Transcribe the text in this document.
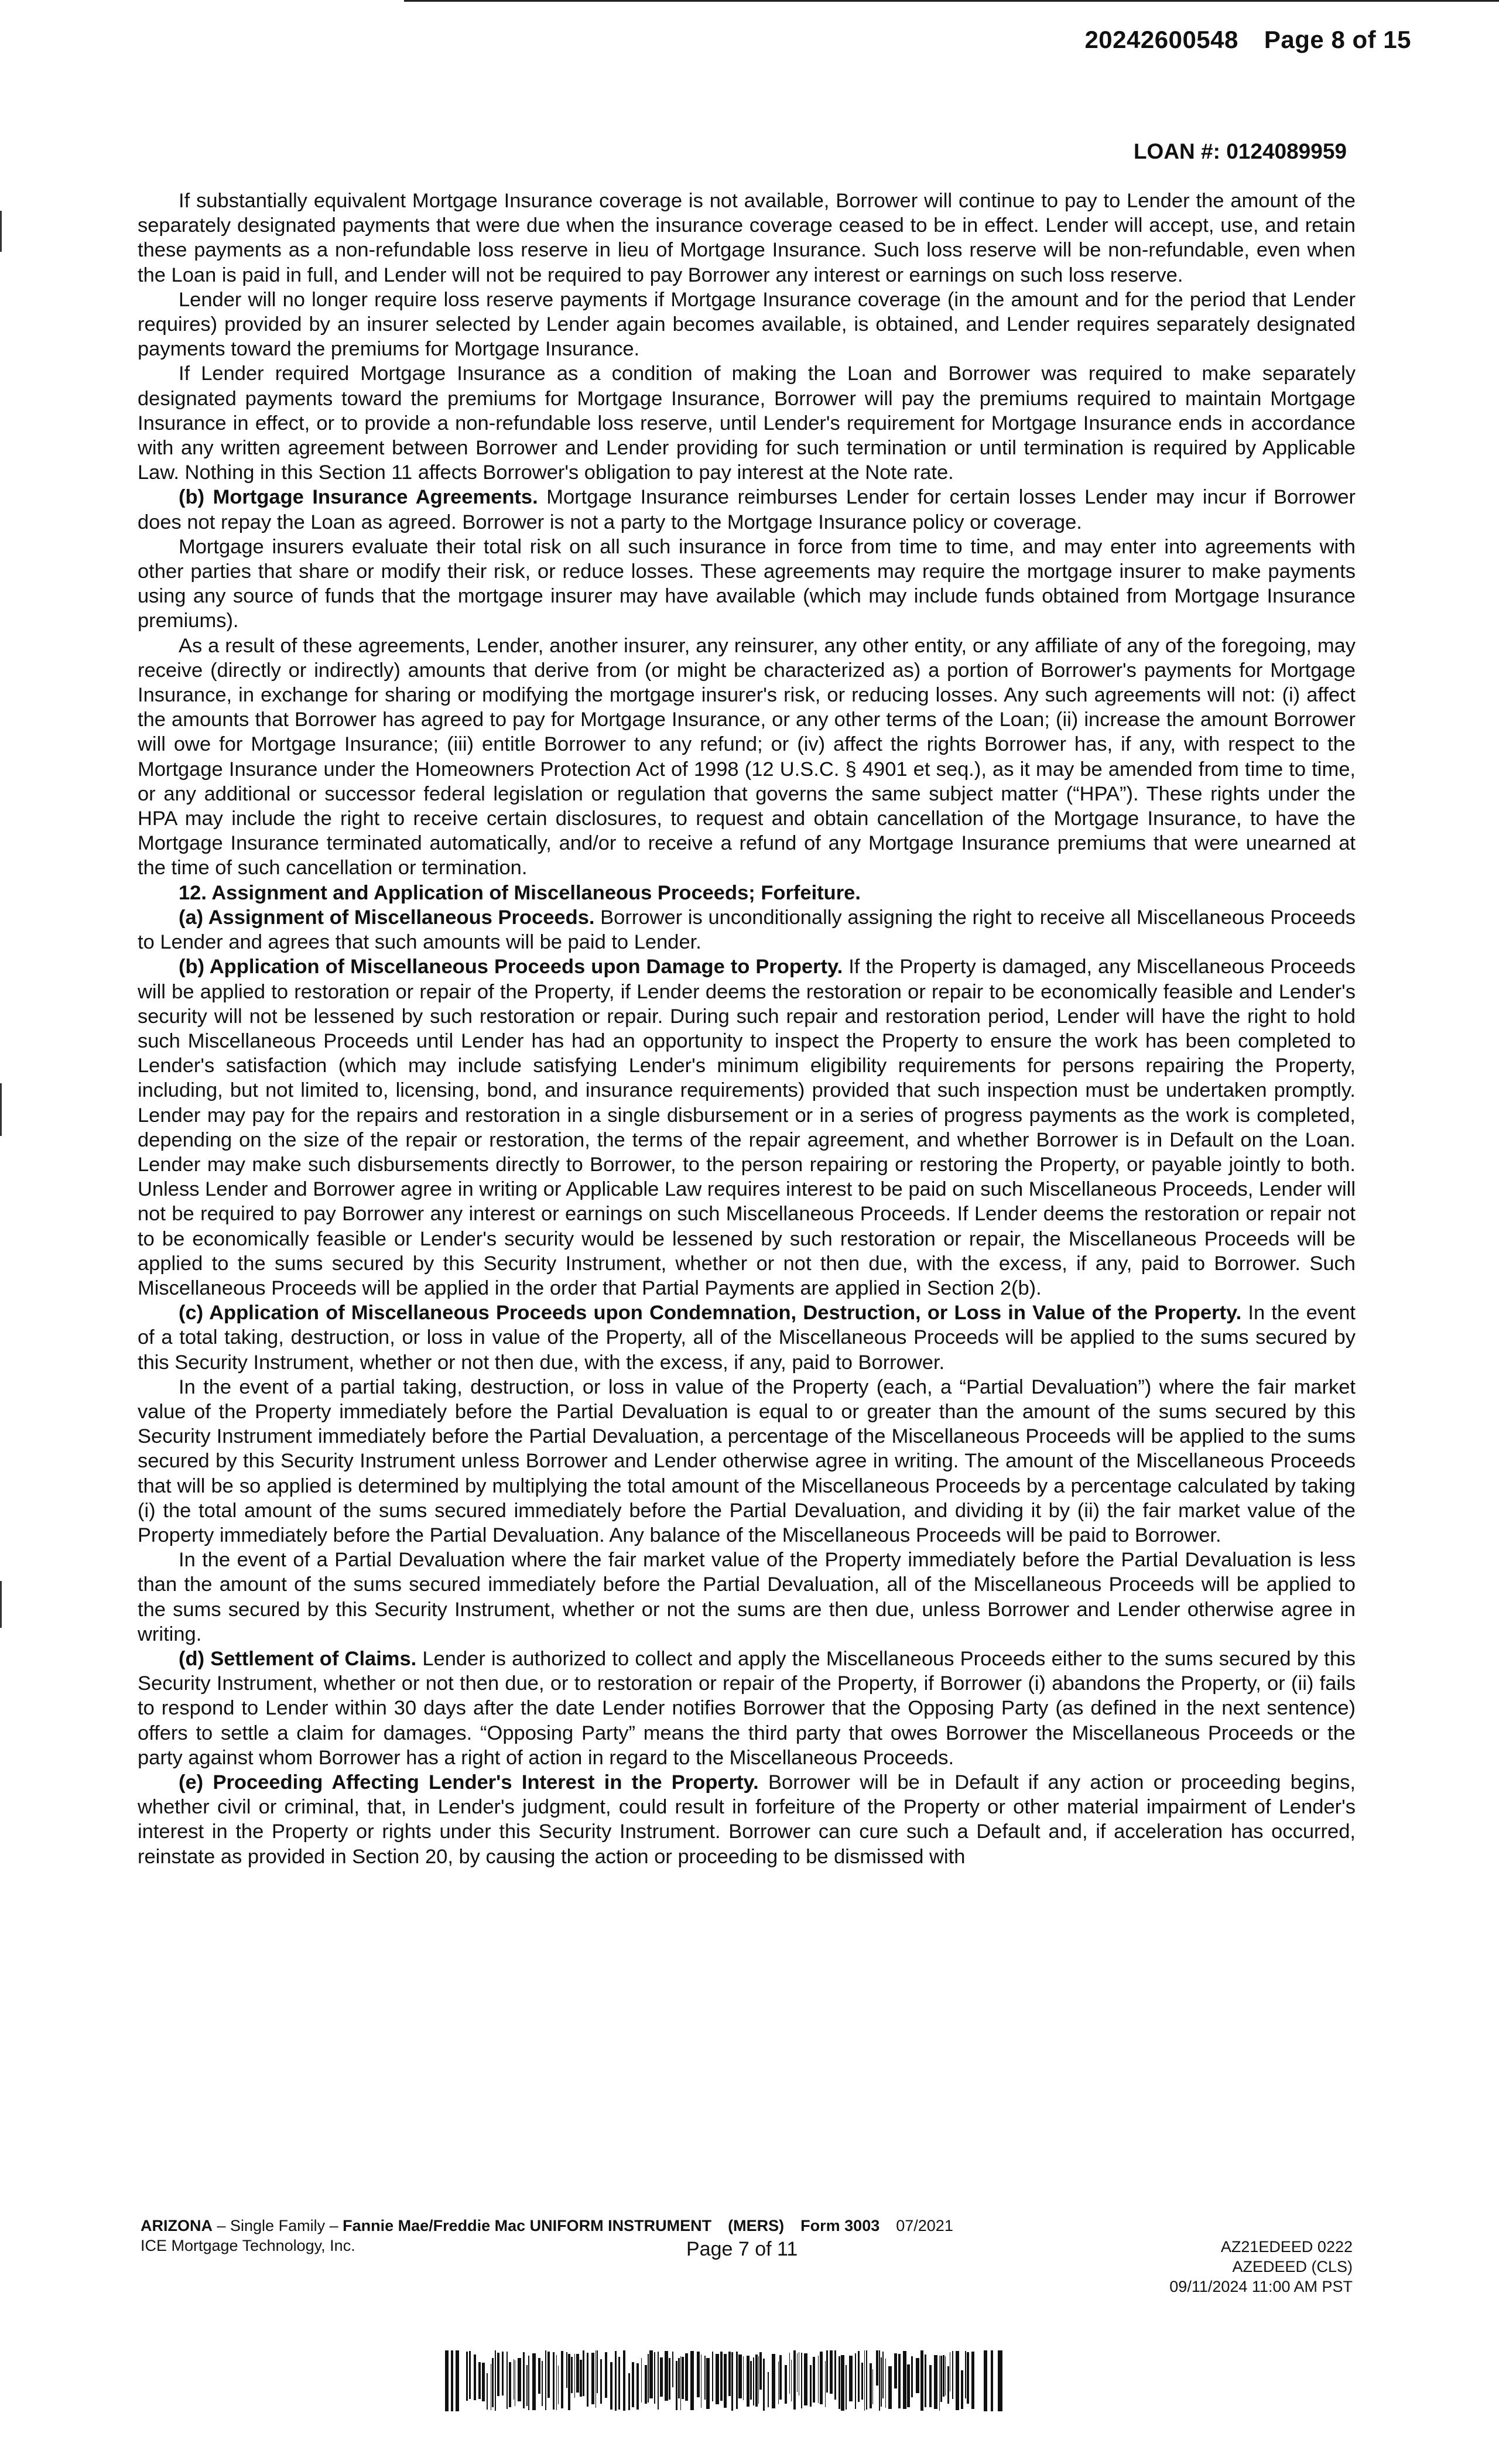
20242600548 Page 8 of 15
LOAN #: 0124089959

If substantially equivalent Mortgage Insurance coverage is not available, Borrower will continue to pay to Lender the amount of the separately designated payments that were due when the insurance coverage ceased to be in effect. Lender will accept, use, and retain these payments as a non-refundable loss reserve in lieu of Mortgage Insurance. Such loss reserve will be non-refundable, even when the Loan is paid in full, and Lender will not be required to pay Borrower any interest or earnings on such loss reserve.

Lender will no longer require loss reserve payments if Mortgage Insurance coverage (in the amount and for the period that Lender requires) provided by an insurer selected by Lender again becomes available, is obtained, and Lender requires separately designated payments toward the premiums for Mortgage Insurance.

If Lender required Mortgage Insurance as a condition of making the Loan and Borrower was required to make separately designated payments toward the premiums for Mortgage Insurance, Borrower will pay the premiums required to maintain Mortgage Insurance in effect, or to provide a non-refundable loss reserve, until Lender's requirement for Mortgage Insurance ends in accordance with any written agreement between Borrower and Lender providing for such termination or until termination is required by Applicable Law. Nothing in this Section 11 affects Borrower's obligation to pay interest at the Note rate.

(b) Mortgage Insurance Agreements. Mortgage Insurance reimburses Lender for certain losses Lender may incur if Borrower does not repay the Loan as agreed. Borrower is not a party to the Mortgage Insurance policy or coverage.

Mortgage insurers evaluate their total risk on all such insurance in force from time to time, and may enter into agreements with other parties that share or modify their risk, or reduce losses. These agreements may require the mortgage insurer to make payments using any source of funds that the mortgage insurer may have available (which may include funds obtained from Mortgage Insurance premiums).

As a result of these agreements, Lender, another insurer, any reinsurer, any other entity, or any affiliate of any of the foregoing, may receive (directly or indirectly) amounts that derive from (or might be characterized as) a portion of Borrower's payments for Mortgage Insurance, in exchange for sharing or modifying the mortgage insurer's risk, or reducing losses. Any such agreements will not: (i) affect the amounts that Borrower has agreed to pay for Mortgage Insurance, or any other terms of the Loan; (ii) increase the amount Borrower will owe for Mortgage Insurance; (iii) entitle Borrower to any refund; or (iv) affect the rights Borrower has, if any, with respect to the Mortgage Insurance under the Homeowners Protection Act of 1998 (12 U.S.C. § 4901 et seq.), as it may be amended from time to time, or any additional or successor federal legislation or regulation that governs the same subject matter (“HPA”). These rights under the HPA may include the right to receive certain disclosures, to request and obtain cancellation of the Mortgage Insurance, to have the Mortgage Insurance terminated automatically, and/or to receive a refund of any Mortgage Insurance premiums that were unearned at the time of such cancellation or termination.

12. Assignment and Application of Miscellaneous Proceeds; Forfeiture.

(a) Assignment of Miscellaneous Proceeds. Borrower is unconditionally assigning the right to receive all Miscellaneous Proceeds to Lender and agrees that such amounts will be paid to Lender.

(b) Application of Miscellaneous Proceeds upon Damage to Property. If the Property is damaged, any Miscellaneous Proceeds will be applied to restoration or repair of the Property, if Lender deems the restoration or repair to be economically feasible and Lender's security will not be lessened by such restoration or repair. During such repair and restoration period, Lender will have the right to hold such Miscellaneous Proceeds until Lender has had an opportunity to inspect the Property to ensure the work has been completed to Lender's satisfaction (which may include satisfying Lender's minimum eligibility requirements for persons repairing the Property, including, but not limited to, licensing, bond, and insurance requirements) provided that such inspection must be undertaken promptly. Lender may pay for the repairs and restoration in a single disbursement or in a series of progress payments as the work is completed, depending on the size of the repair or restoration, the terms of the repair agreement, and whether Borrower is in Default on the Loan. Lender may make such disbursements directly to Borrower, to the person repairing or restoring the Property, or payable jointly to both. Unless Lender and Borrower agree in writing or Applicable Law requires interest to be paid on such Miscellaneous Proceeds, Lender will not be required to pay Borrower any interest or earnings on such Miscellaneous Proceeds. If Lender deems the restoration or repair not to be economically feasible or Lender's security would be lessened by such restoration or repair, the Miscellaneous Proceeds will be applied to the sums secured by this Security Instrument, whether or not then due, with the excess, if any, paid to Borrower. Such Miscellaneous Proceeds will be applied in the order that Partial Payments are applied in Section 2(b).

(c) Application of Miscellaneous Proceeds upon Condemnation, Destruction, or Loss in Value of the Property. In the event of a total taking, destruction, or loss in value of the Property, all of the Miscellaneous Proceeds will be applied to the sums secured by this Security Instrument, whether or not then due, with the excess, if any, paid to Borrower.

In the event of a partial taking, destruction, or loss in value of the Property (each, a “Partial Devaluation”) where the fair market value of the Property immediately before the Partial Devaluation is equal to or greater than the amount of the sums secured by this Security Instrument immediately before the Partial Devaluation, a percentage of the Miscellaneous Proceeds will be applied to the sums secured by this Security Instrument unless Borrower and Lender otherwise agree in writing. The amount of the Miscellaneous Proceeds that will be so applied is determined by multiplying the total amount of the Miscellaneous Proceeds by a percentage calculated by taking (i) the total amount of the sums secured immediately before the Partial Devaluation, and dividing it by (ii) the fair market value of the Property immediately before the Partial Devaluation. Any balance of the Miscellaneous Proceeds will be paid to Borrower.

In the event of a Partial Devaluation where the fair market value of the Property immediately before the Partial Devaluation is less than the amount of the sums secured immediately before the Partial Devaluation, all of the Miscellaneous Proceeds will be applied to the sums secured by this Security Instrument, whether or not the sums are then due, unless Borrower and Lender otherwise agree in writing.

(d) Settlement of Claims. Lender is authorized to collect and apply the Miscellaneous Proceeds either to the sums secured by this Security Instrument, whether or not then due, or to restoration or repair of the Property, if Borrower (i) abandons the Property, or (ii) fails to respond to Lender within 30 days after the date Lender notifies Borrower that the Opposing Party (as defined in the next sentence) offers to settle a claim for damages. “Opposing Party” means the third party that owes Borrower the Miscellaneous Proceeds or the party against whom Borrower has a right of action in regard to the Miscellaneous Proceeds.

(e) Proceeding Affecting Lender's Interest in the Property. Borrower will be in Default if any action or proceeding begins, whether civil or criminal, that, in Lender's judgment, could result in forfeiture of the Property or other material impairment of Lender's interest in the Property or rights under this Security Instrument. Borrower can cure such a Default and, if acceleration has occurred, reinstate as provided in Section 20, by causing the action or proceeding to be dismissed with

ARIZONA – Single Family – Fannie Mae/Freddie Mac UNIFORM INSTRUMENT (MERS) Form 3003 07/2021
ICE Mortgage Technology, Inc.	Page 7 of 11	AZ21EDEED 0222
AZEDEED (CLS)
09/11/2024 11:00 AM PST
